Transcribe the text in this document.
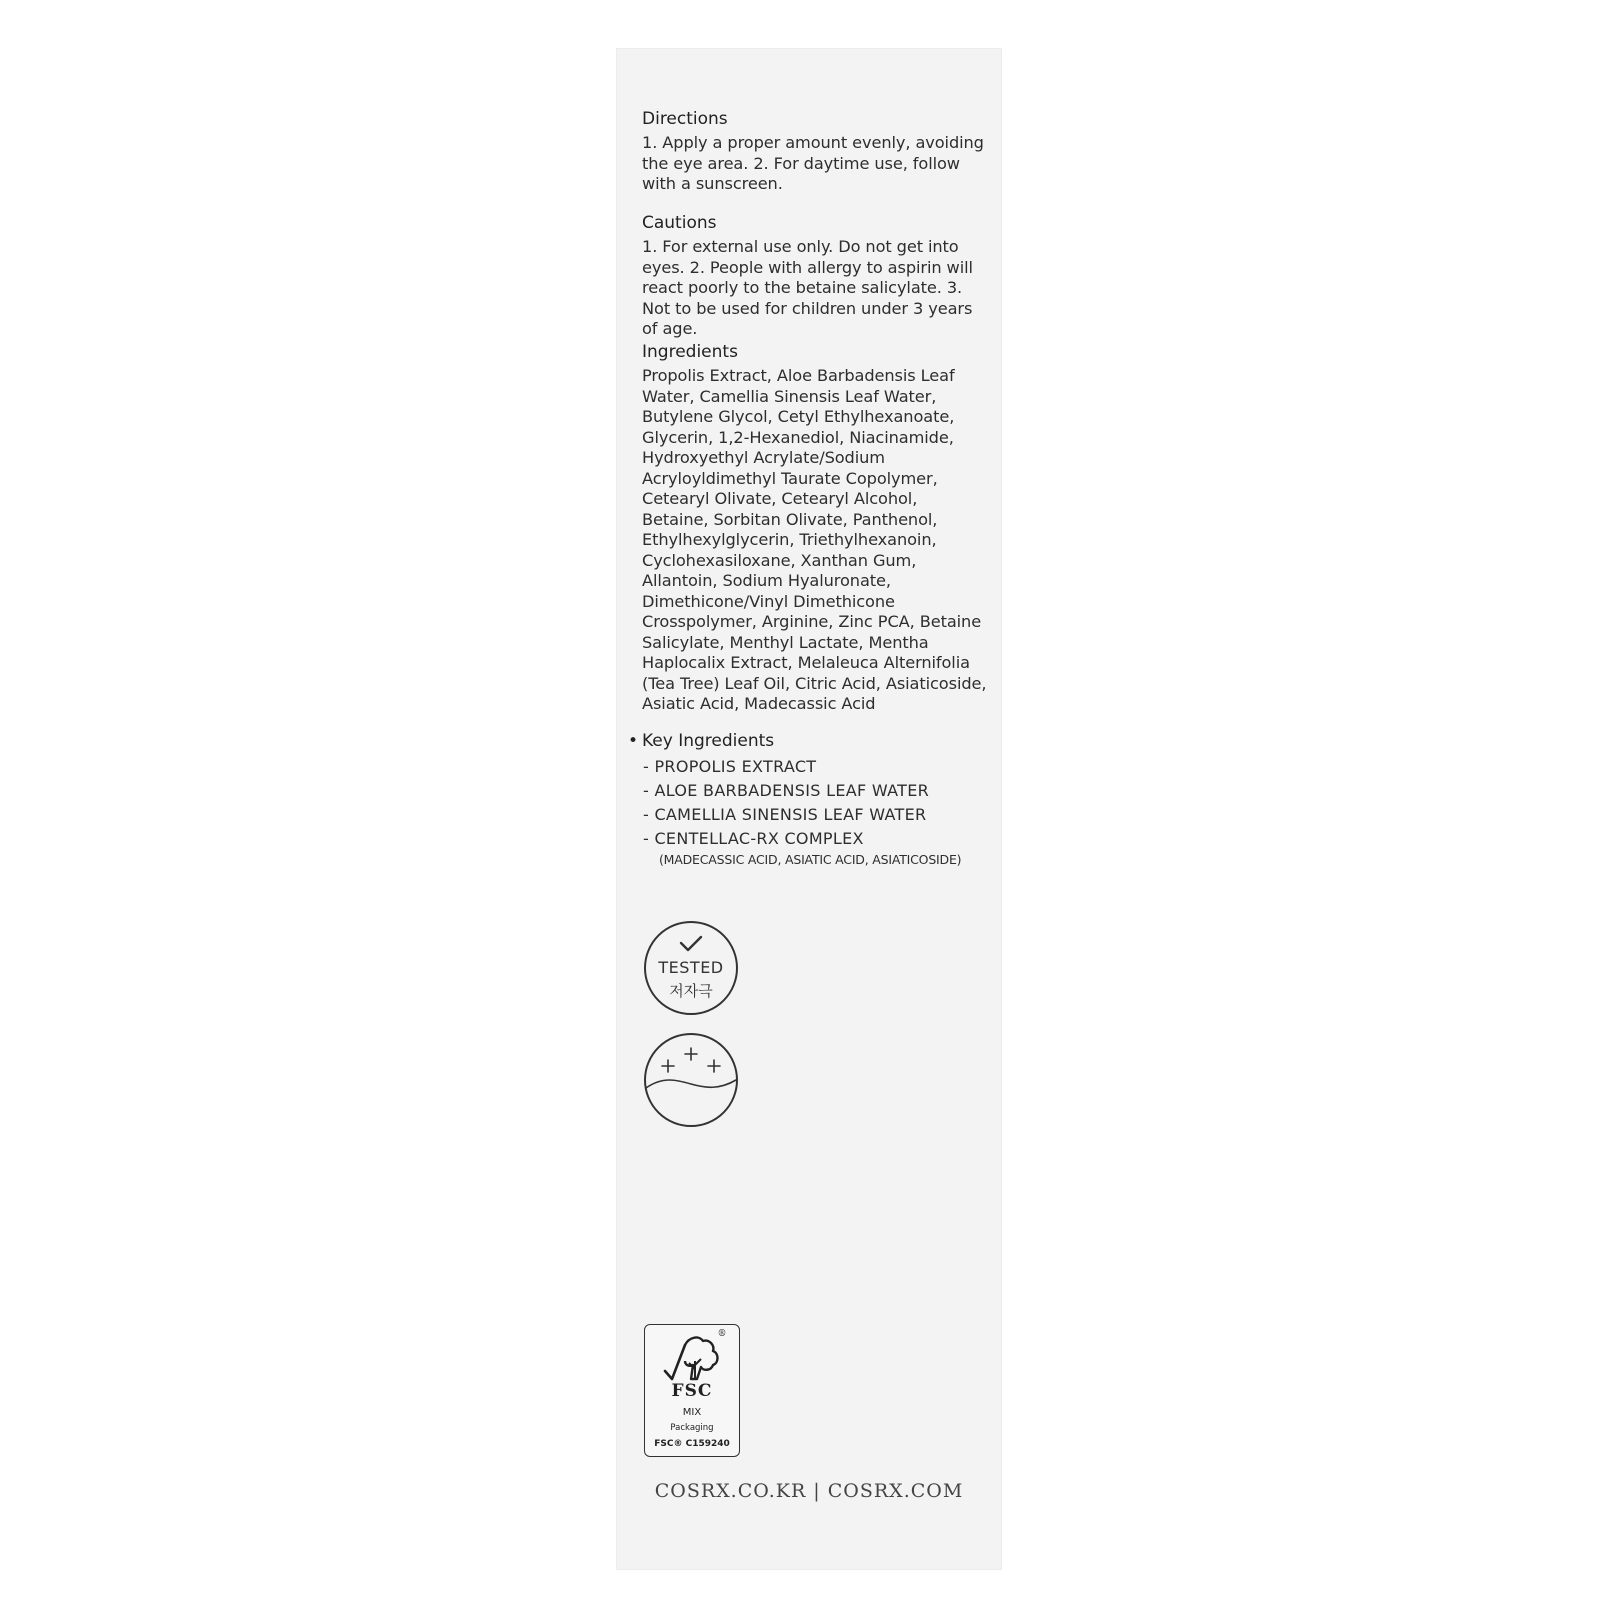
Directions

1. Apply a proper amount evenly, avoiding the eye area. 2. For daytime use, follow with a sunscreen.

Cautions

1. For external use only. Do not get into eyes. 2. People with allergy to aspirin will react poorly to the betaine salicylate. 3. Not to be used for children under 3 years of age.

Ingredients

Propolis Extract, Aloe Barbadensis Leaf Water, Camellia Sinensis Leaf Water, Butylene Glycol, Cetyl Ethylhexanoate, Glycerin, 1,2-Hexanediol, Niacinamide, Hydroxyethyl Acrylate/Sodium Acryloyldimethyl Taurate Copolymer, Cetearyl Olivate, Cetearyl Alcohol, Betaine, Sorbitan Olivate, Panthenol, Ethylhexylglycerin, Triethylhexanoin, Cyclohexasiloxane, Xanthan Gum, Allantoin, Sodium Hyaluronate, Dimethicone/Vinyl Dimethicone Crosspolymer, Arginine, Zinc PCA, Betaine Salicylate, Menthyl Lactate, Mentha Haplocalix Extract, Melaleuca Alternifolia (Tea Tree) Leaf Oil, Citric Acid, Asiaticoside, Asiatic Acid, Madecassic Acid

• Key Ingredients

- PROPOLIS EXTRACT
- ALOE BARBADENSIS LEAF WATER
- CAMELLIA SINENSIS LEAF WATER
- CENTELLAC-RX COMPLEX
(MADECASSIC ACID, ASIATIC ACID, ASIATICOSIDE)
TESTED
저자극
®
FSC
MIX
Packaging
FSC® C159240
COSRX.CO.KR | COSRX.COM
